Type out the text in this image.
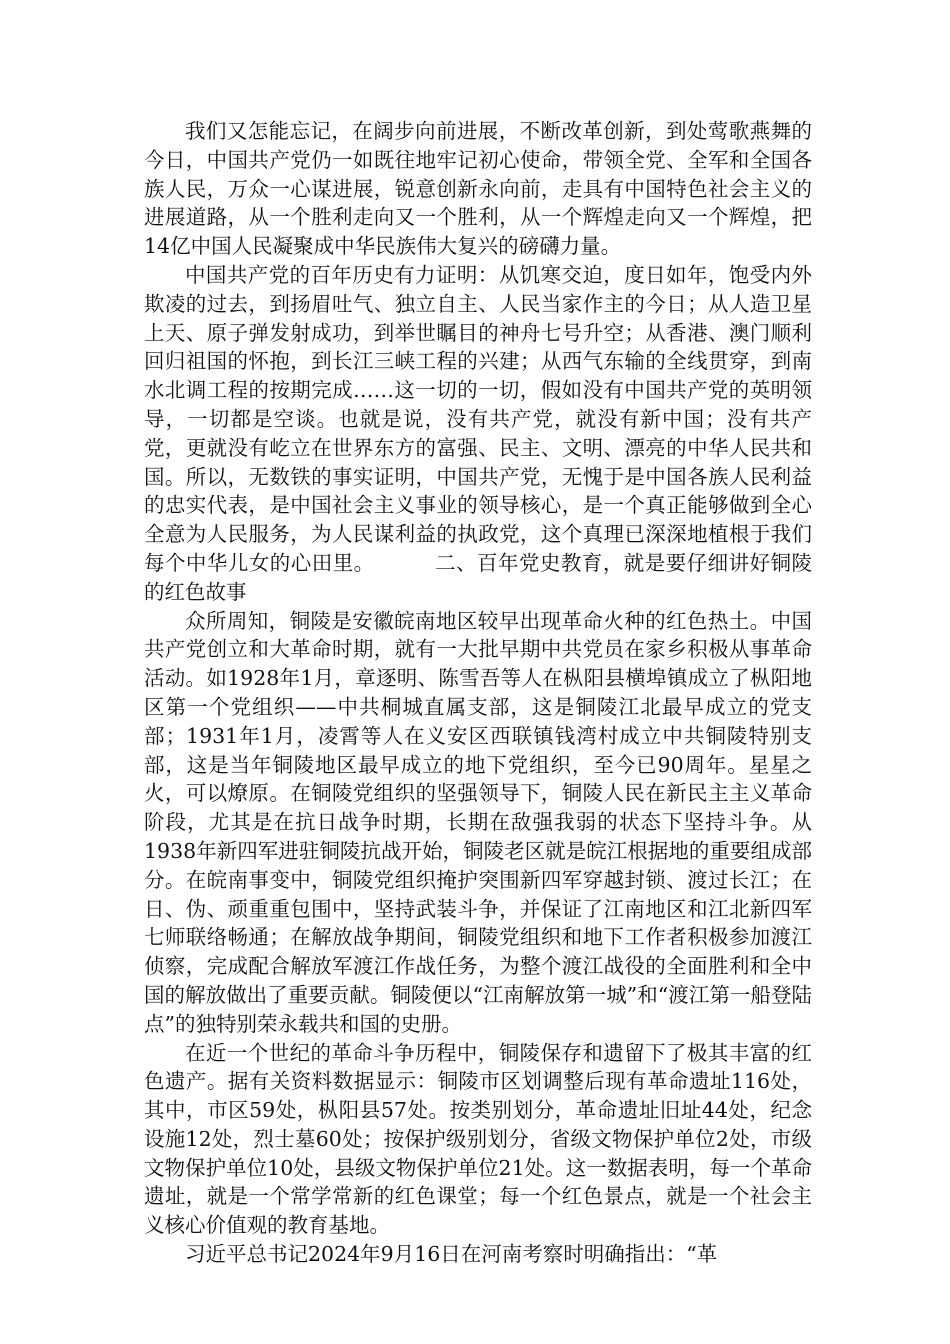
我们又怎能忘记，在阔步向前进展，不断改革创新，到处莺歌燕舞的今日，中国共产党仍一如既往地牢记初心使命，带领全党、全军和全国各族人民，万众一心谋进展，锐意创新永向前，走具有中国特色社会主义的进展道路，从一个胜利走向又一个胜利，从一个辉煌走向又一个辉煌，把14亿中国人民凝聚成中华民族伟大复兴的磅礴力量。

中国共产党的百年历史有力证明：从饥寒交迫，度日如年，饱受内外欺凌的过去，到扬眉吐气、独立自主、人民当家作主的今日；从人造卫星上天、原子弹发射成功，到举世瞩目的神舟七号升空；从香港、澳门顺利回归祖国的怀抱，到长江三峡工程的兴建；从西气东输的全线贯穿，到南水北调工程的按期完成……这一切的一切，假如没有中国共产党的英明领导，一切都是空谈。也就是说，没有共产党，就没有新中国；没有共产党，更就没有屹立在世界东方的富强、民主、文明、漂亮的中华人民共和国。所以，无数铁的事实证明，中国共产党，无愧于是中国各族人民利益的忠实代表，是中国社会主义事业的领导核心，是一个真正能够做到全心全意为人民服务，为人民谋利益的执政党，这个真理已深深地植根于我们每个中华儿女的心田里。	二、百年党史教育，就是要仔细讲好铜陵的红色故事

众所周知，铜陵是安徽皖南地区较早出现革命火种的红色热土。中国共产党创立和大革命时期，就有一大批早期中共党员在家乡积极从事革命活动。如1928年1月，章逐明、陈雪吾等人在枞阳县横埠镇成立了枞阳地区第一个党组织——中共桐城直属支部，这是铜陵江北最早成立的党支部；1931年1月，凌霄等人在义安区西联镇钱湾村成立中共铜陵特别支部，这是当年铜陵地区最早成立的地下党组织，至今已90周年。星星之火，可以燎原。在铜陵党组织的坚强领导下，铜陵人民在新民主主义革命阶段，尤其是在抗日战争时期，长期在敌强我弱的状态下坚持斗争。从1938年新四军进驻铜陵抗战开始，铜陵老区就是皖江根据地的重要组成部分。在皖南事变中，铜陵党组织掩护突围新四军穿越封锁、渡过长江；在日、伪、顽重重包围中，坚持武装斗争，并保证了江南地区和江北新四军七师联络畅通；在解放战争期间，铜陵党组织和地下工作者积极参加渡江侦察，完成配合解放军渡江作战任务，为整个渡江战役的全面胜利和全中国的解放做出了重要贡献。铜陵便以“江南解放第一城”和“渡江第一船登陆点”的独特别荣永载共和国的史册。

在近一个世纪的革命斗争历程中，铜陵保存和遗留下了极其丰富的红色遗产。据有关资料数据显示：铜陵市区划调整后现有革命遗址116处，其中，市区59处，枞阳县57处。按类别划分，革命遗址旧址44处，纪念设施12处，烈士墓60处；按保护级别划分，省级文物保护单位2处，市级文物保护单位10处，县级文物保护单位21处。这一数据表明，每一个革命遗址，就是一个常学常新的红色课堂；每一个红色景点，就是一个社会主义核心价值观的教育基地。

习近平总书记2024年9月16日在河南考察时明确指出：“革
